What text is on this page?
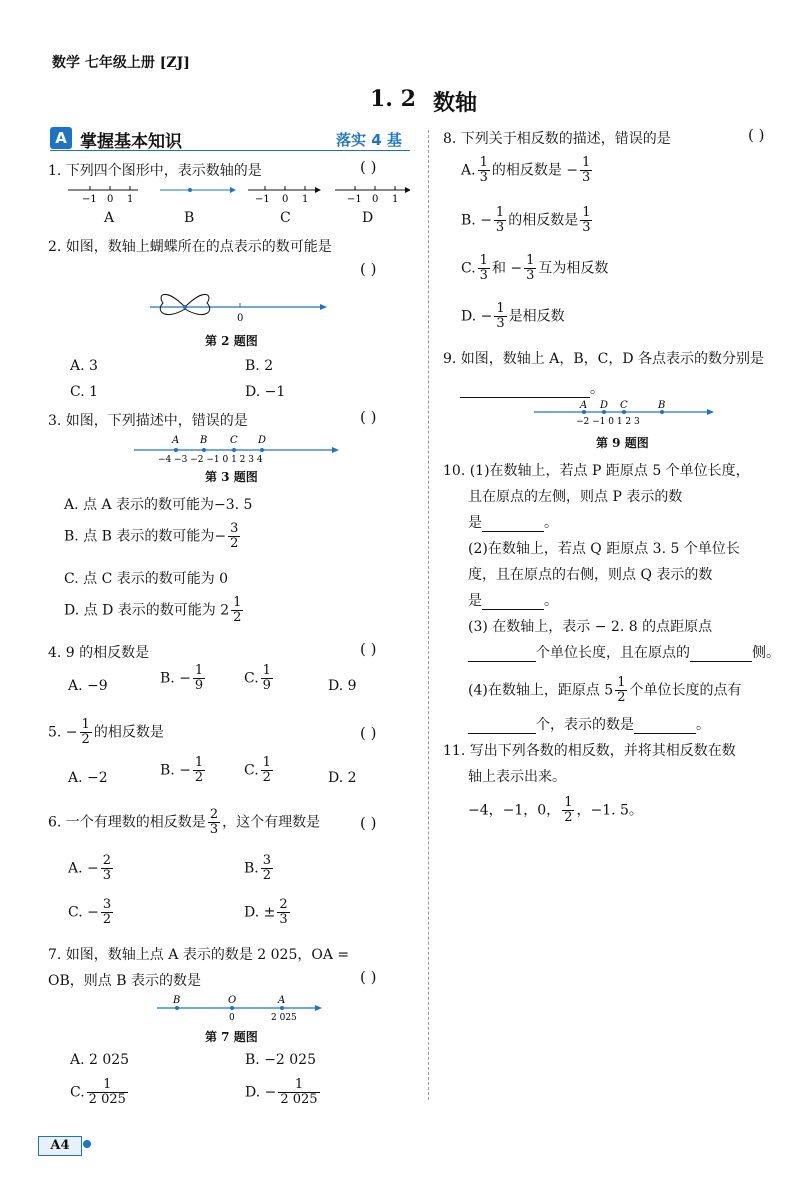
数学 七年级上册 [ZJ]
1. 2 数轴
A 掌握基本知识	落实 4 基
1. 下列四个图形中，表示数轴的是	( )
−1 0 1	−1 0 1	−1 0 1
A	B	C	D
2. 如图，数轴上蝴蝶所在的点表示的数可能是
( )
0
第 2 题图
A. 3	B. 2
C. 1	D. −1
3. 如图，下列描述中，错误的是	( )
A B C D
−4 −3 −2 −1 0 1 2 3 4
第 3 题图
A. 点 A 表示的数可能为−3. 5
B. 点 B 表示的数可能为− $\frac{3}{2}$
C. 点 C 表示的数可能为 0
D. 点 D 表示的数可能为 $2 \frac{1}{2}$
4. 9 的相反数是	( )
A. −9	B. − $\frac{1}{9}$	C. $\frac{1}{9}$	D. 9
5. − $\frac{1}{2}$ 的相反数是	( )
A. −2	B. − $\frac{1}{2}$	C. $\frac{1}{2}$	D. 2
6. 一个有理数的相反数是 $\frac{2}{3}$ ，这个有理数是	( )
A. − $\frac{2}{3}$	B. $\frac{3}{2}$
C. − $\frac{3}{2}$	D. ± $\frac{2}{3}$
7. 如图，数轴上点 A 表示的数是 2 025，OA =
OB，则点 B 表示的数是	( )
B	O	A
0	2 025
第 7 题图
A. 2 025	B. −2 025
C. $\frac{1}{2 025}$	D. − $\frac{1}{2 025}$
8. 下列关于相反数的描述，错误的是	( )
A. $\frac{1}{3}$ 的相反数是 − $\frac{1}{3}$
B. − $\frac{1}{3}$ 的相反数是 $\frac{1}{3}$
C. $\frac{1}{3}$ 和 − $\frac{1}{3}$ 互为相反数
D. − $\frac{1}{3}$ 是相反数
9. 如图，数轴上 A，B，C，D 各点表示的数分别是
。
A D C	B
−2 −1 0 1 2 3
第 9 题图
10. (1)在数轴上，若点 P 距原点 5 个单位长度，
且在原点的左侧，则点 P 表示的数
是	。
(2)在数轴上，若点 Q 距原点 3. 5 个单位长
度，且在原点的右侧，则点 Q 表示的数
是	。
(3) 在数轴上，表示 − 2. 8 的点距原点
个单位长度，且在原点的	侧。
(4)在数轴上，距原点 $5 \frac{1}{2}$ 个单位长度的点有
个，表示的数是	。
11. 写出下列各数的相反数，并将其相反数在数
轴上表示出来。
−4，−1，0， $\frac{1}{2}$ ，−1. 5。
A4
